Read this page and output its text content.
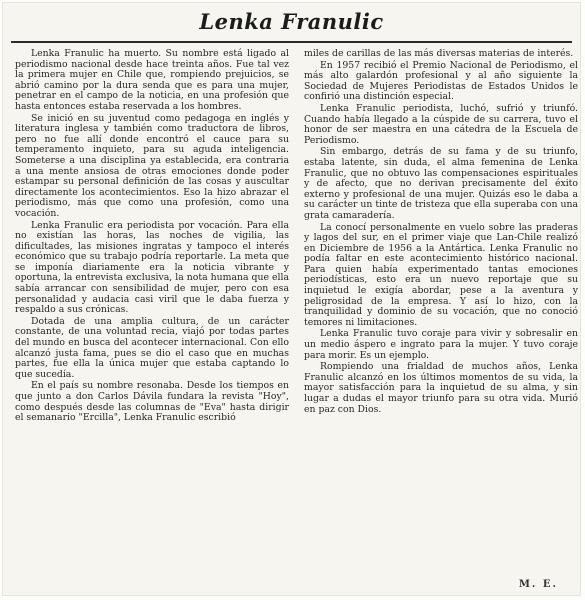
Lenka Franulic

Lenka Franulic ha muerto. Su nombre está ligado al periodismo nacional desde hace treinta años. Fue tal vez la primera mujer en Chile que, rompiendo prejuicios, se abrió camino por la dura senda que es para una mujer, penetrar en el campo de la noticia, en una profesión que hasta entonces estaba reservada a los hombres.

Se inició en su juventud como pedagoga en inglés y literatura inglesa y también como traductora de libros, pero no fue allí donde encontró el cauce para su temperamento inquieto, para su aguda inteligencia. Someterse a una disciplina ya establecida, era contraria a una mente ansiosa de otras emociones donde poder estampar su personal definición de las cosas y auscultar directamente los acontecimientos. Eso la hizo abrazar el periodismo, más que como una profesión, como una vocación.

Lenka Franulic era periodista por vocación. Para ella no existían las horas, las noches de vigilia, las dificultades, las misiones ingratas y tampoco el interés económico que su trabajo podría reportarle. La meta que se imponía diariamente era la noticia vibrante y oportuna, la entrevista exclusiva, la nota humana que ella sabía arrancar con sensibilidad de mujer, pero con esa personalidad y audacia casi viril que le daba fuerza y respaldo a sus crónicas.

Dotada de una amplia cultura, de un carácter constante, de una voluntad recia, viajó por todas partes del mundo en busca del acontecer internacional. Con ello alcanzó justa fama, pues se dio el caso que en muchas partes, fue ella la única mujer que estaba captando lo que sucedía.

En el país su nombre resonaba. Desde los tiempos en que junto a don Carlos Dávila fundara la revista "Hoy", como después desde las columnas de "Eva" hasta dirigir el semanario "Ercilla", Lenka Franulic escribió

miles de carillas de las más diversas materias de interés.

En 1957 recibió el Premio Nacional de Periodismo, el más alto galardón profesional y al año siguiente la Sociedad de Mujeres Periodistas de Estados Unidos le confirió una distinción especial.

Lenka Franulic periodista, luchó, sufrió y triunfó. Cuando había llegado a la cúspide de su carrera, tuvo el honor de ser maestra en una cátedra de la Escuela de Periodismo.

Sin embargo, detrás de su fama y de su triunfo, estaba latente, sin duda, el alma femenina de Lenka Franulic, que no obtuvo las compensaciones espirituales y de afecto, que no derivan precisamente del éxito externo y profesional de una mujer. Quizás eso le daba a su carácter un tinte de tristeza que ella superaba con una grata camaradería.

La conocí personalmente en vuelo sobre las praderas y lagos del sur, en el primer viaje que Lan-Chile realizó en Diciembre de 1956 a la Antártica. Lenka Franulic no podía faltar en este acontecimiento histórico nacional. Para quien había experimentado tantas emociones periodísticas, esto era un nuevo reportaje que su inquietud le exigía abordar, pese a la aventura y peligrosidad de la empresa. Y así lo hizo, con la tranquilidad y dominio de su vocación, que no conoció temores ni limitaciones.

Lenka Franulic tuvo coraje para vivir y sobresalir en un medio áspero e ingrato para la mujer. Y tuvo coraje para morir. Es un ejemplo.

Rompiendo una frialdad de muchos años, Lenka Franulic alcanzó en los últimos momentos de su vida, la mayor satisfacción para la inquietud de su alma, y sin lugar a dudas el mayor triunfo para su otra vida. Murió en paz con Dios.

M. E.
